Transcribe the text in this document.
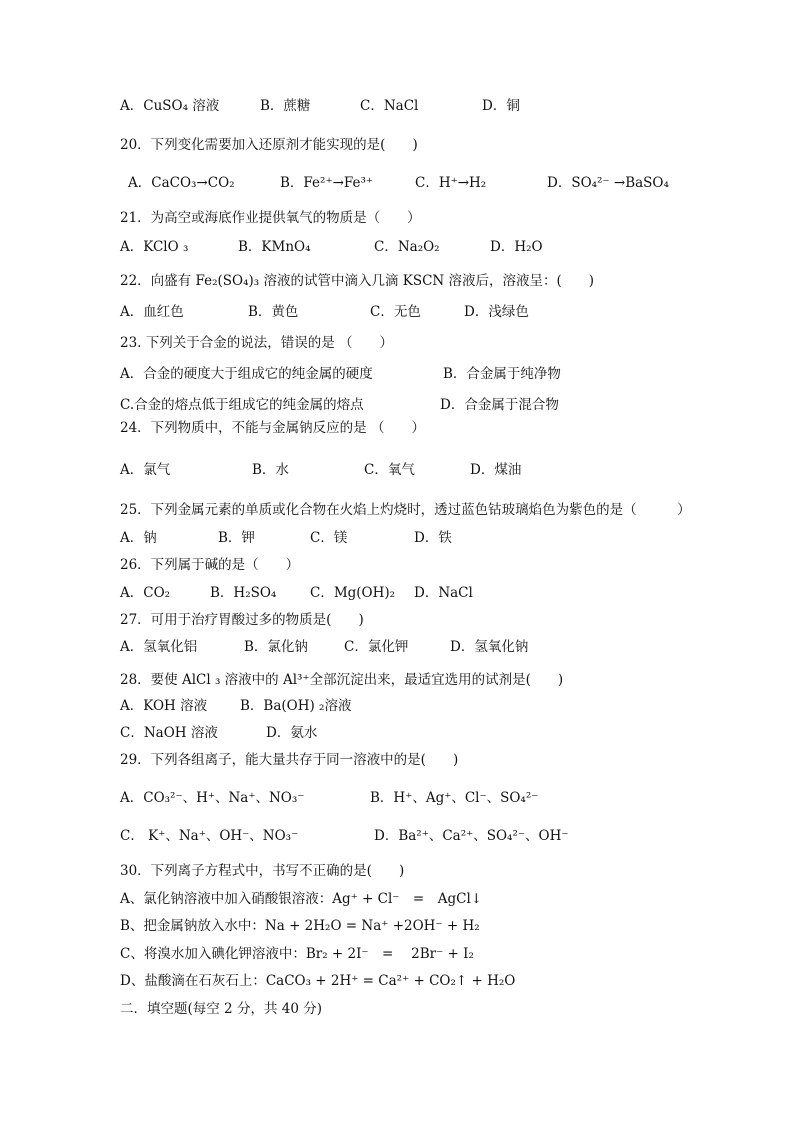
A．CuSO₄ 溶液	B．蔗糖	C．NaCl	D．铜
20．下列变化需要加入还原剂才能实现的是(　　)
A．CaCO₃→CO₂	B．Fe²⁺→Fe³⁺	C．H⁺→H₂	D．SO₄²⁻ →BaSO₄
21．为高空或海底作业提供氧气的物质是（　　）
A．KClO ₃	B．KMnO₄	C．Na₂O₂	D．H₂O
22．向盛有 Fe₂(SO₄)₃ 溶液的试管中滴入几滴 KSCN 溶液后，溶液呈：(　　)
A．血红色	B．黄色	C．无色	D．浅绿色
23. 下列关于合金的说法，错误的是 （　　）
A．合金的硬度大于组成它的纯金属的硬度	B．合金属于纯净物
C.合金的熔点低于组成它的纯金属的熔点	D．合金属于混合物
24．下列物质中，不能与金属钠反应的是 （　　）
A．氯气	B．水	C．氧气	D．煤油
25．下列金属元素的单质或化合物在火焰上灼烧时，透过蓝色钴玻璃焰色为紫色的是（　　　）
A．钠	B．钾	C．镁	D．铁
26．下列属于碱的是（　　）
A．CO₂	B．H₂SO₄ C．Mg(OH)₂ D．NaCl
27．可用于治疗胃酸过多的物质是(　　)
A．氢氧化铝	B．氯化钠	C．氯化钾	D．氢氧化钠
28．要使 AlCl ₃ 溶液中的 Al³⁺全部沉淀出来，最适宜选用的试剂是(　　)
A．KOH 溶液 B．Ba(OH) ₂溶液
C．NaOH 溶液	D．氨水
29．下列各组离子，能大量共存于同一溶液中的是(　　)
A．CO₃²⁻、H⁺、Na⁺、NO₃⁻	B．H⁺、Ag⁺、Cl⁻、SO₄²⁻
C． K⁺、Na⁺、OH⁻、NO₃⁻	D．Ba²⁺、Ca²⁺、SO₄²⁻、OH⁻
30．下列离子方程式中，书写不正确的是(　　)
A、氯化钠溶液中加入硝酸银溶液：Ag⁺ + Cl⁻　=　AgCl↓
B、把金属钠放入水中：Na + 2H₂O = Na⁺ +2OH⁻ + H₂
C、将溴水加入碘化钾溶液中：Br₂ + 2I⁻　=　 2Br⁻ + I₂
D、盐酸滴在石灰石上：CaCO₃ + 2H⁺ = Ca²⁺ + CO₂↑ + H₂O
二．填空题(每空 2 分，共 40 分)
